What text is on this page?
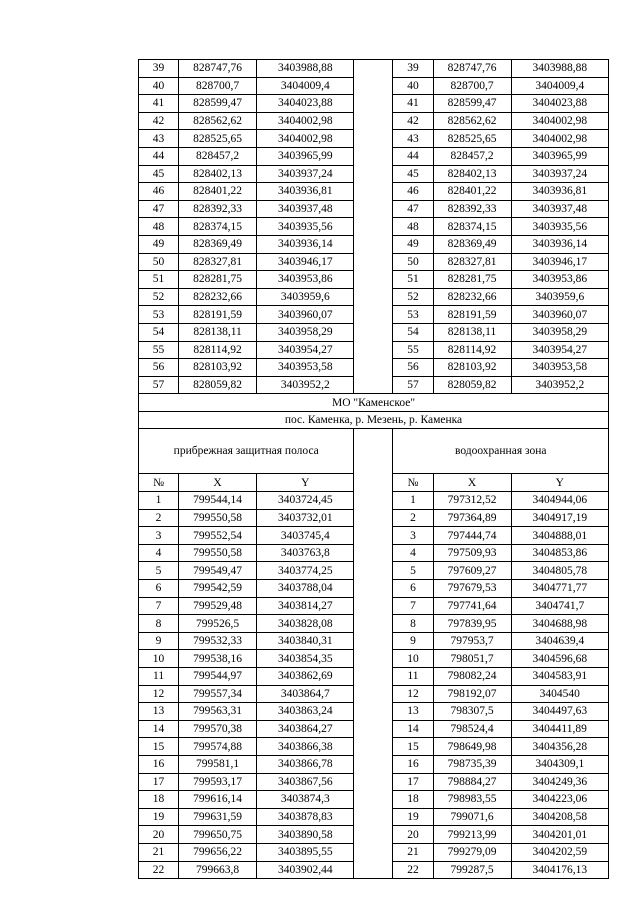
39	828747,76	3403988,88		39	828747,76	3403988,88
40	828700,7	3404009,4		40	828700,7	3404009,4
41	828599,47	3404023,88		41	828599,47	3404023,88
42	828562,62	3404002,98		42	828562,62	3404002,98
43	828525,65	3404002,98		43	828525,65	3404002,98
44	828457,2	3403965,99		44	828457,2	3403965,99
45	828402,13	3403937,24		45	828402,13	3403937,24
46	828401,22	3403936,81		46	828401,22	3403936,81
47	828392,33	3403937,48		47	828392,33	3403937,48
48	828374,15	3403935,56		48	828374,15	3403935,56
49	828369,49	3403936,14		49	828369,49	3403936,14
50	828327,81	3403946,17		50	828327,81	3403946,17
51	828281,75	3403953,86		51	828281,75	3403953,86
52	828232,66	3403959,6		52	828232,66	3403959,6
53	828191,59	3403960,07		53	828191,59	3403960,07
54	828138,11	3403958,29		54	828138,11	3403958,29
55	828114,92	3403954,27		55	828114,92	3403954,27
56	828103,92	3403953,58		56	828103,92	3403953,58
57	828059,82	3403952,2		57	828059,82	3403952,2
МО "Каменское"						
пос. Каменка, р. Мезень, р. Каменка						
прибрежная защитная полоса				водоохранная зона		
№	X	Y		№	X	Y
1	799544,14	3403724,45		1	797312,52	3404944,06
2	799550,58	3403732,01		2	797364,89	3404917,19
3	799552,54	3403745,4		3	797444,74	3404888,01
4	799550,58	3403763,8		4	797509,93	3404853,86
5	799549,47	3403774,25		5	797609,27	3404805,78
6	799542,59	3403788,04		6	797679,53	3404771,77
7	799529,48	3403814,27		7	797741,64	3404741,7
8	799526,5	3403828,08		8	797839,95	3404688,98
9	799532,33	3403840,31		9	797953,7	3404639,4
10	799538,16	3403854,35		10	798051,7	3404596,68
11	799544,97	3403862,69		11	798082,24	3404583,91
12	799557,34	3403864,7		12	798192,07	3404540
13	799563,31	3403863,24		13	798307,5	3404497,63
14	799570,38	3403864,27		14	798524,4	3404411,89
15	799574,88	3403866,38		15	798649,98	3404356,28
16	799581,1	3403866,78		16	798735,39	3404309,1
17	799593,17	3403867,56		17	798884,27	3404249,36
18	799616,14	3403874,3		18	798983,55	3404223,06
19	799631,59	3403878,83		19	799071,6	3404208,58
20	799650,75	3403890,58		20	799213,99	3404201,01
21	799656,22	3403895,55		21	799279,09	3404202,59
22	799663,8	3403902,44		22	799287,5	3404176,13
